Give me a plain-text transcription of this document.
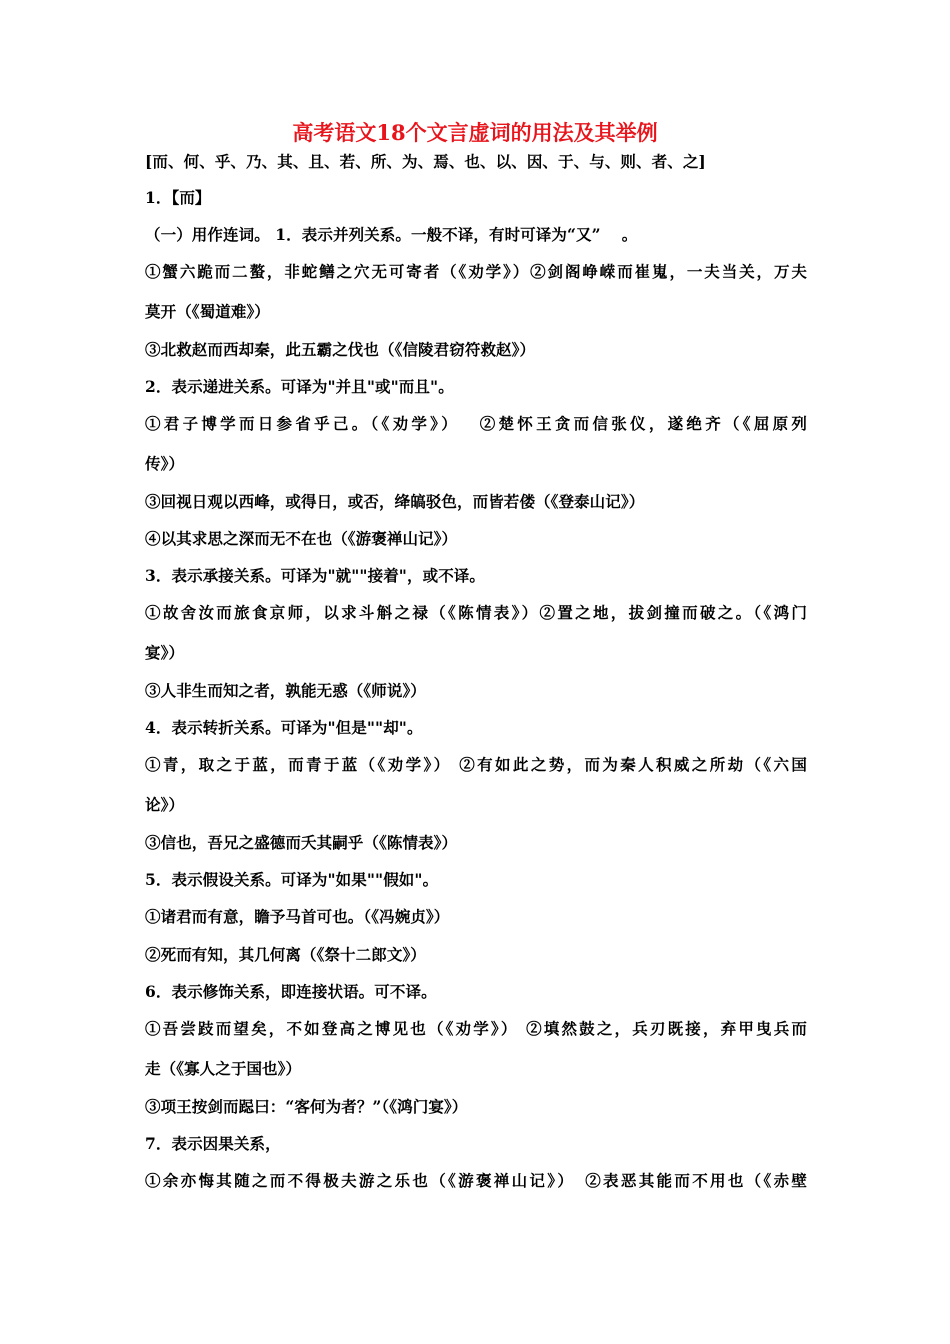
高考语文18个文言虚词的用法及其举例
[而、何、乎、乃、其、且、若、所、为、焉、也、以、因、于、与、则、者、之]
1．【而】
（一）用作连词。 1．表示并列关系。一般不译，有时可译为“又”　 。
①蟹六跪而二螯，非蛇鳝之穴无可寄者（《劝学》）②剑阁峥嵘而崔嵬，一夫当关，万夫
莫开（《蜀道难》）
③北救赵而西却秦，此五霸之伐也（《信陵君窃符救赵》）
2．表示递进关系。可译为"并且"或"而且"。
①君子博学而日参省乎己。（《劝学》）　 ②楚怀王贪而信张仪，遂绝齐（《屈原列
传》）
③回视日观以西峰，或得日，或否，绛皜驳色，而皆若偻（《登泰山记》）
④以其求思之深而无不在也（《游褒禅山记》）
3．表示承接关系。可译为"就""接着"，或不译。
①故舍汝而旅食京师，以求斗斛之禄（《陈情表》）②置之地，拔剑撞而破之。（《鸿门
宴》）
③人非生而知之者，孰能无惑（《师说》）
4．表示转折关系。可译为"但是""却"。
①青，取之于蓝，而青于蓝（《劝学》） ②有如此之势，而为秦人积威之所劫（《六国
论》）
③信也，吾兄之盛德而夭其嗣乎（《陈情表》）
5．表示假设关系。可译为"如果""假如"。
①诸君而有意，瞻予马首可也。（《冯婉贞》）
②死而有知，其几何离（《祭十二郎文》）
6．表示修饰关系，即连接状语。可不译。
①吾尝跂而望矣，不如登高之博见也（《劝学》） ②填然鼓之，兵刃既接，弃甲曳兵而
走（《寡人之于国也》）
③项王按剑而跽曰：“客何为者？”（《鸿门宴》）
7．表示因果关系，
①余亦悔其随之而不得极夫游之乐也（《游褒禅山记》）　②表恶其能而不用也（《赤壁
